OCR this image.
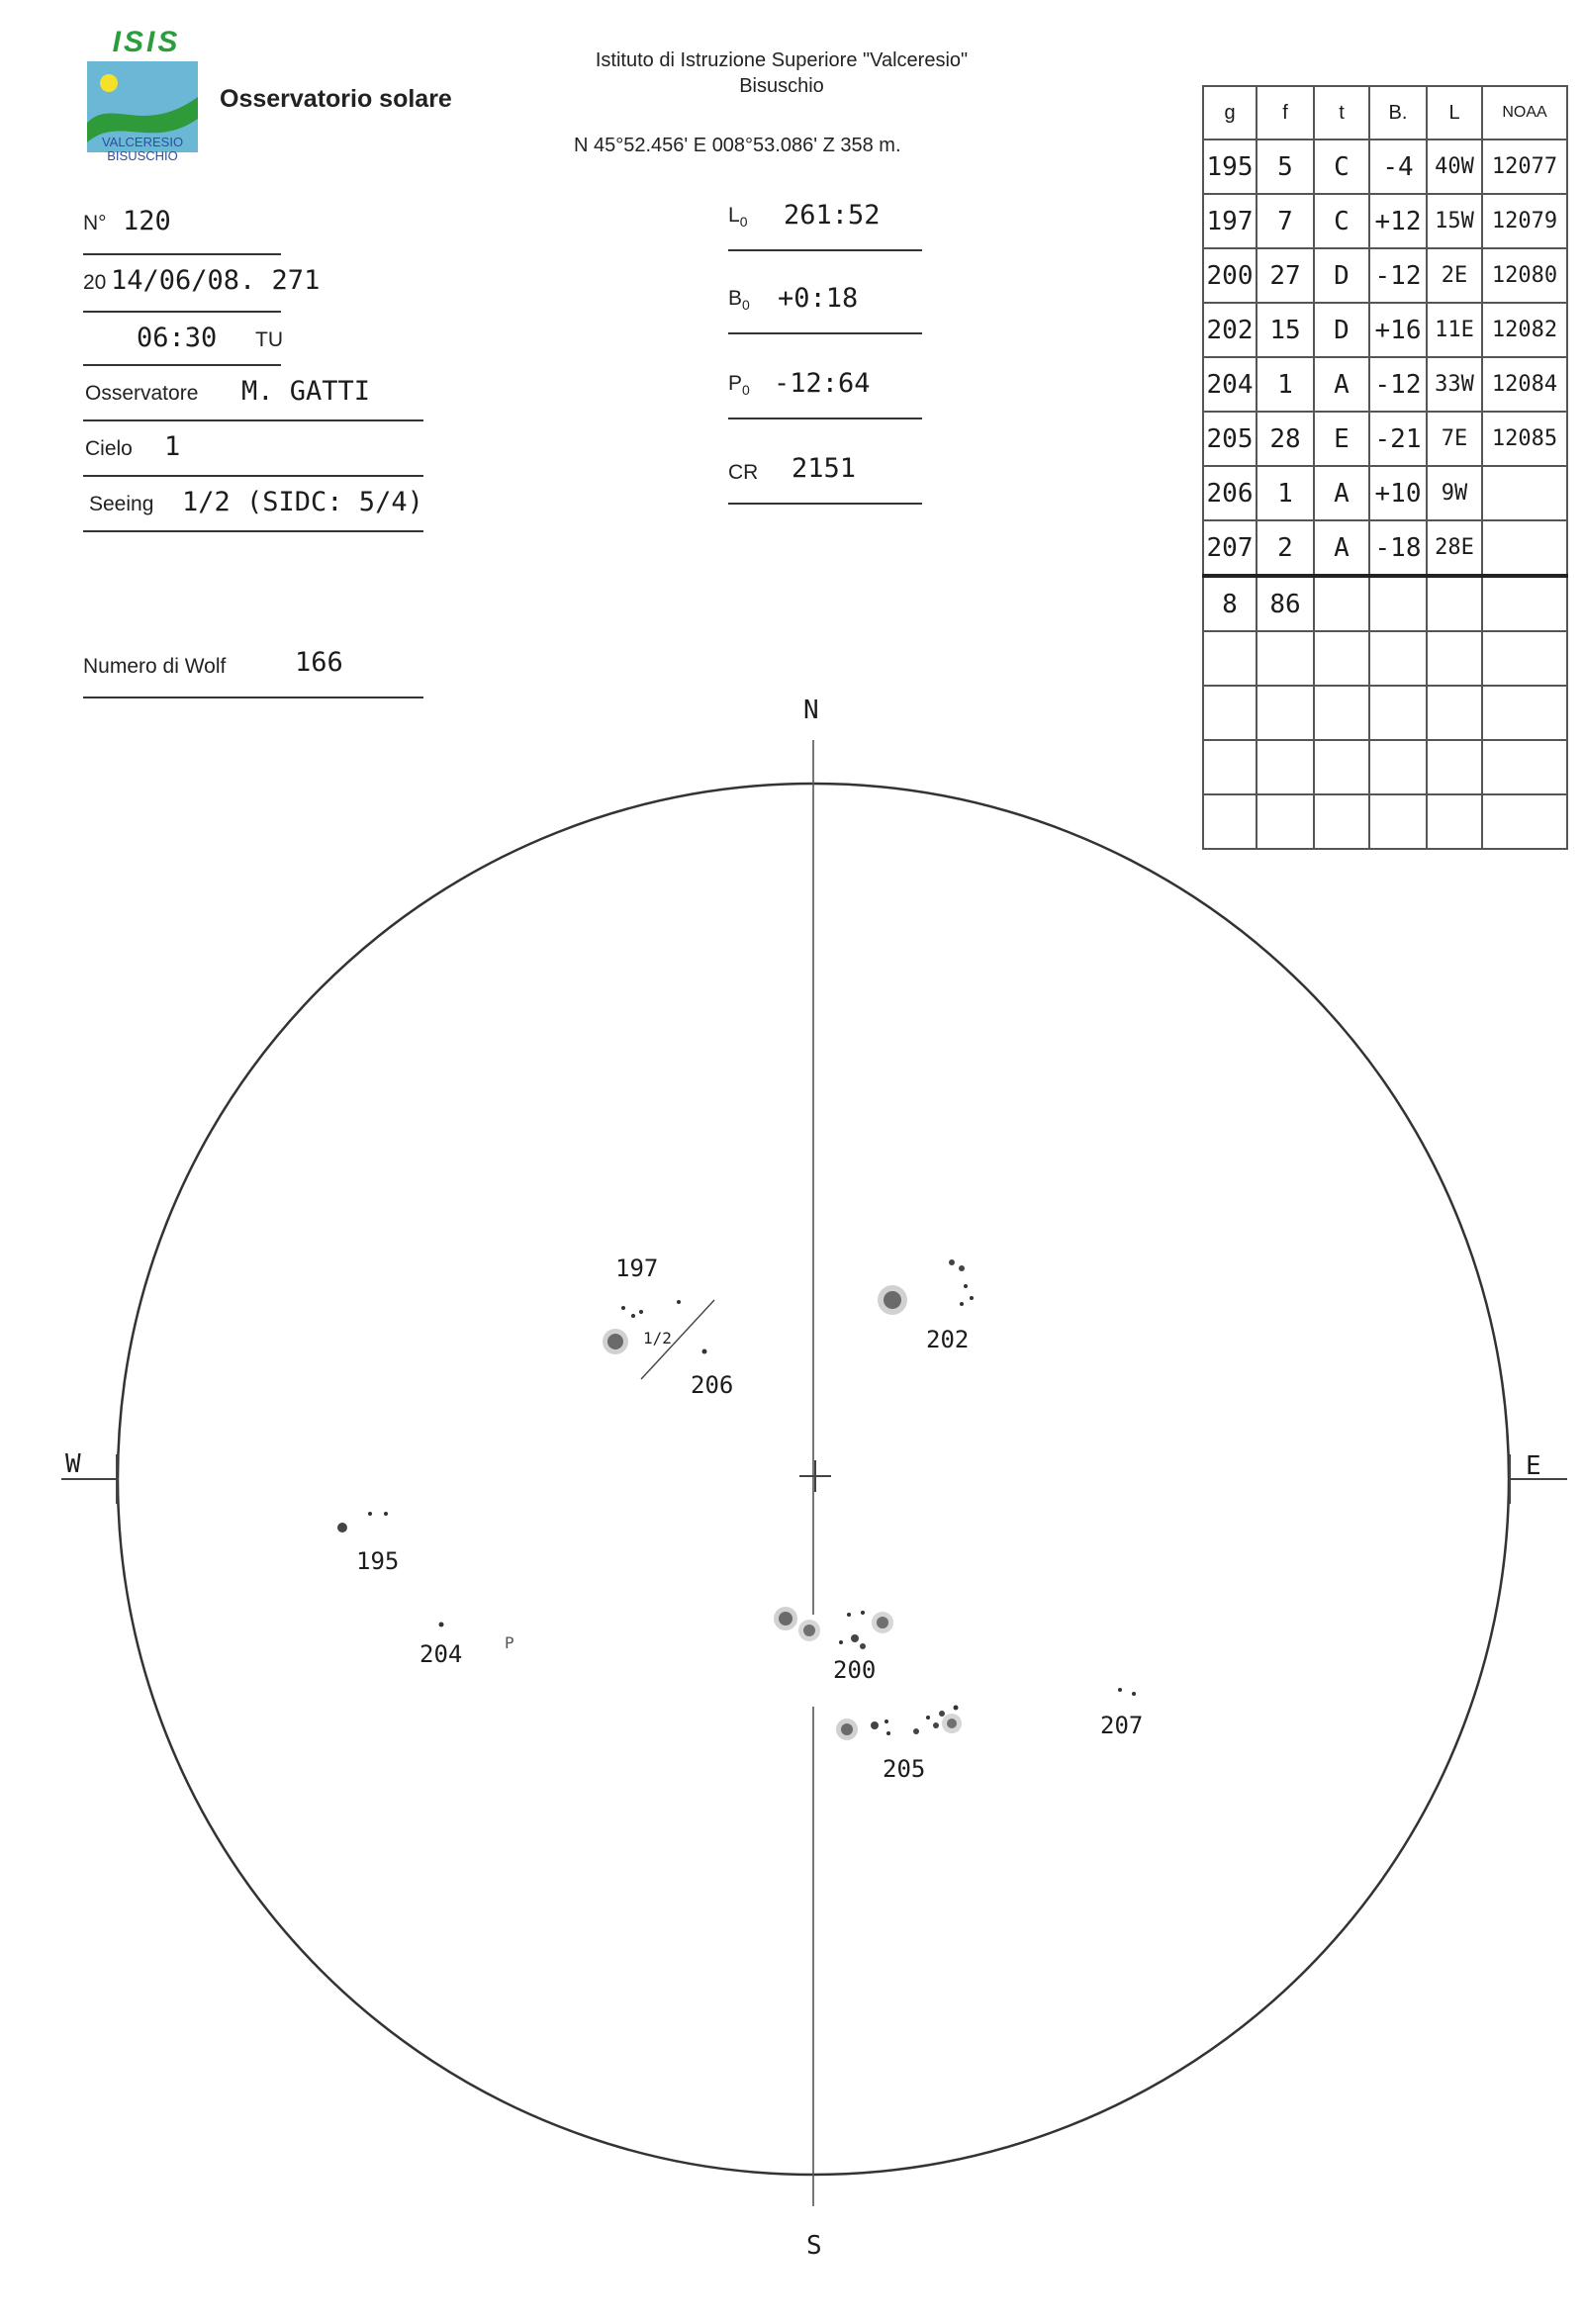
ISIS
VALCERESIO
BISUSCHIO
Osservatorio solare
Istituto di Istruzione Superiore "Valceresio"
Bisuschio
N 45°52.456' E 008°53.086' Z 358 m.
N° 120
20 14/06/08. 271
06:30 TU
Osservatore M. GATTI
Cielo 1
Seeing 1/2 (SIDC: 5/4)
Numero di Wolf	166
$L_0$ 261:52
$B_0$ +0:18
$P_0$ -12:64
CR 2151
g	f	t	B.	L	NOAA
195	5	C	-4	40W	12077
197	7	C	+12	15W	12079
200	27	D	-12	2E	12080
202	15	D	+16	11E	12082
204	1	A	-12	33W	12084
205	28	E	-21	7E	12085
206	1	A	+10	9W	
207	2	A	-18	28E	
8	86				

N
S
W	E
197
1/2
206
202
195
204	P
200
205
207
